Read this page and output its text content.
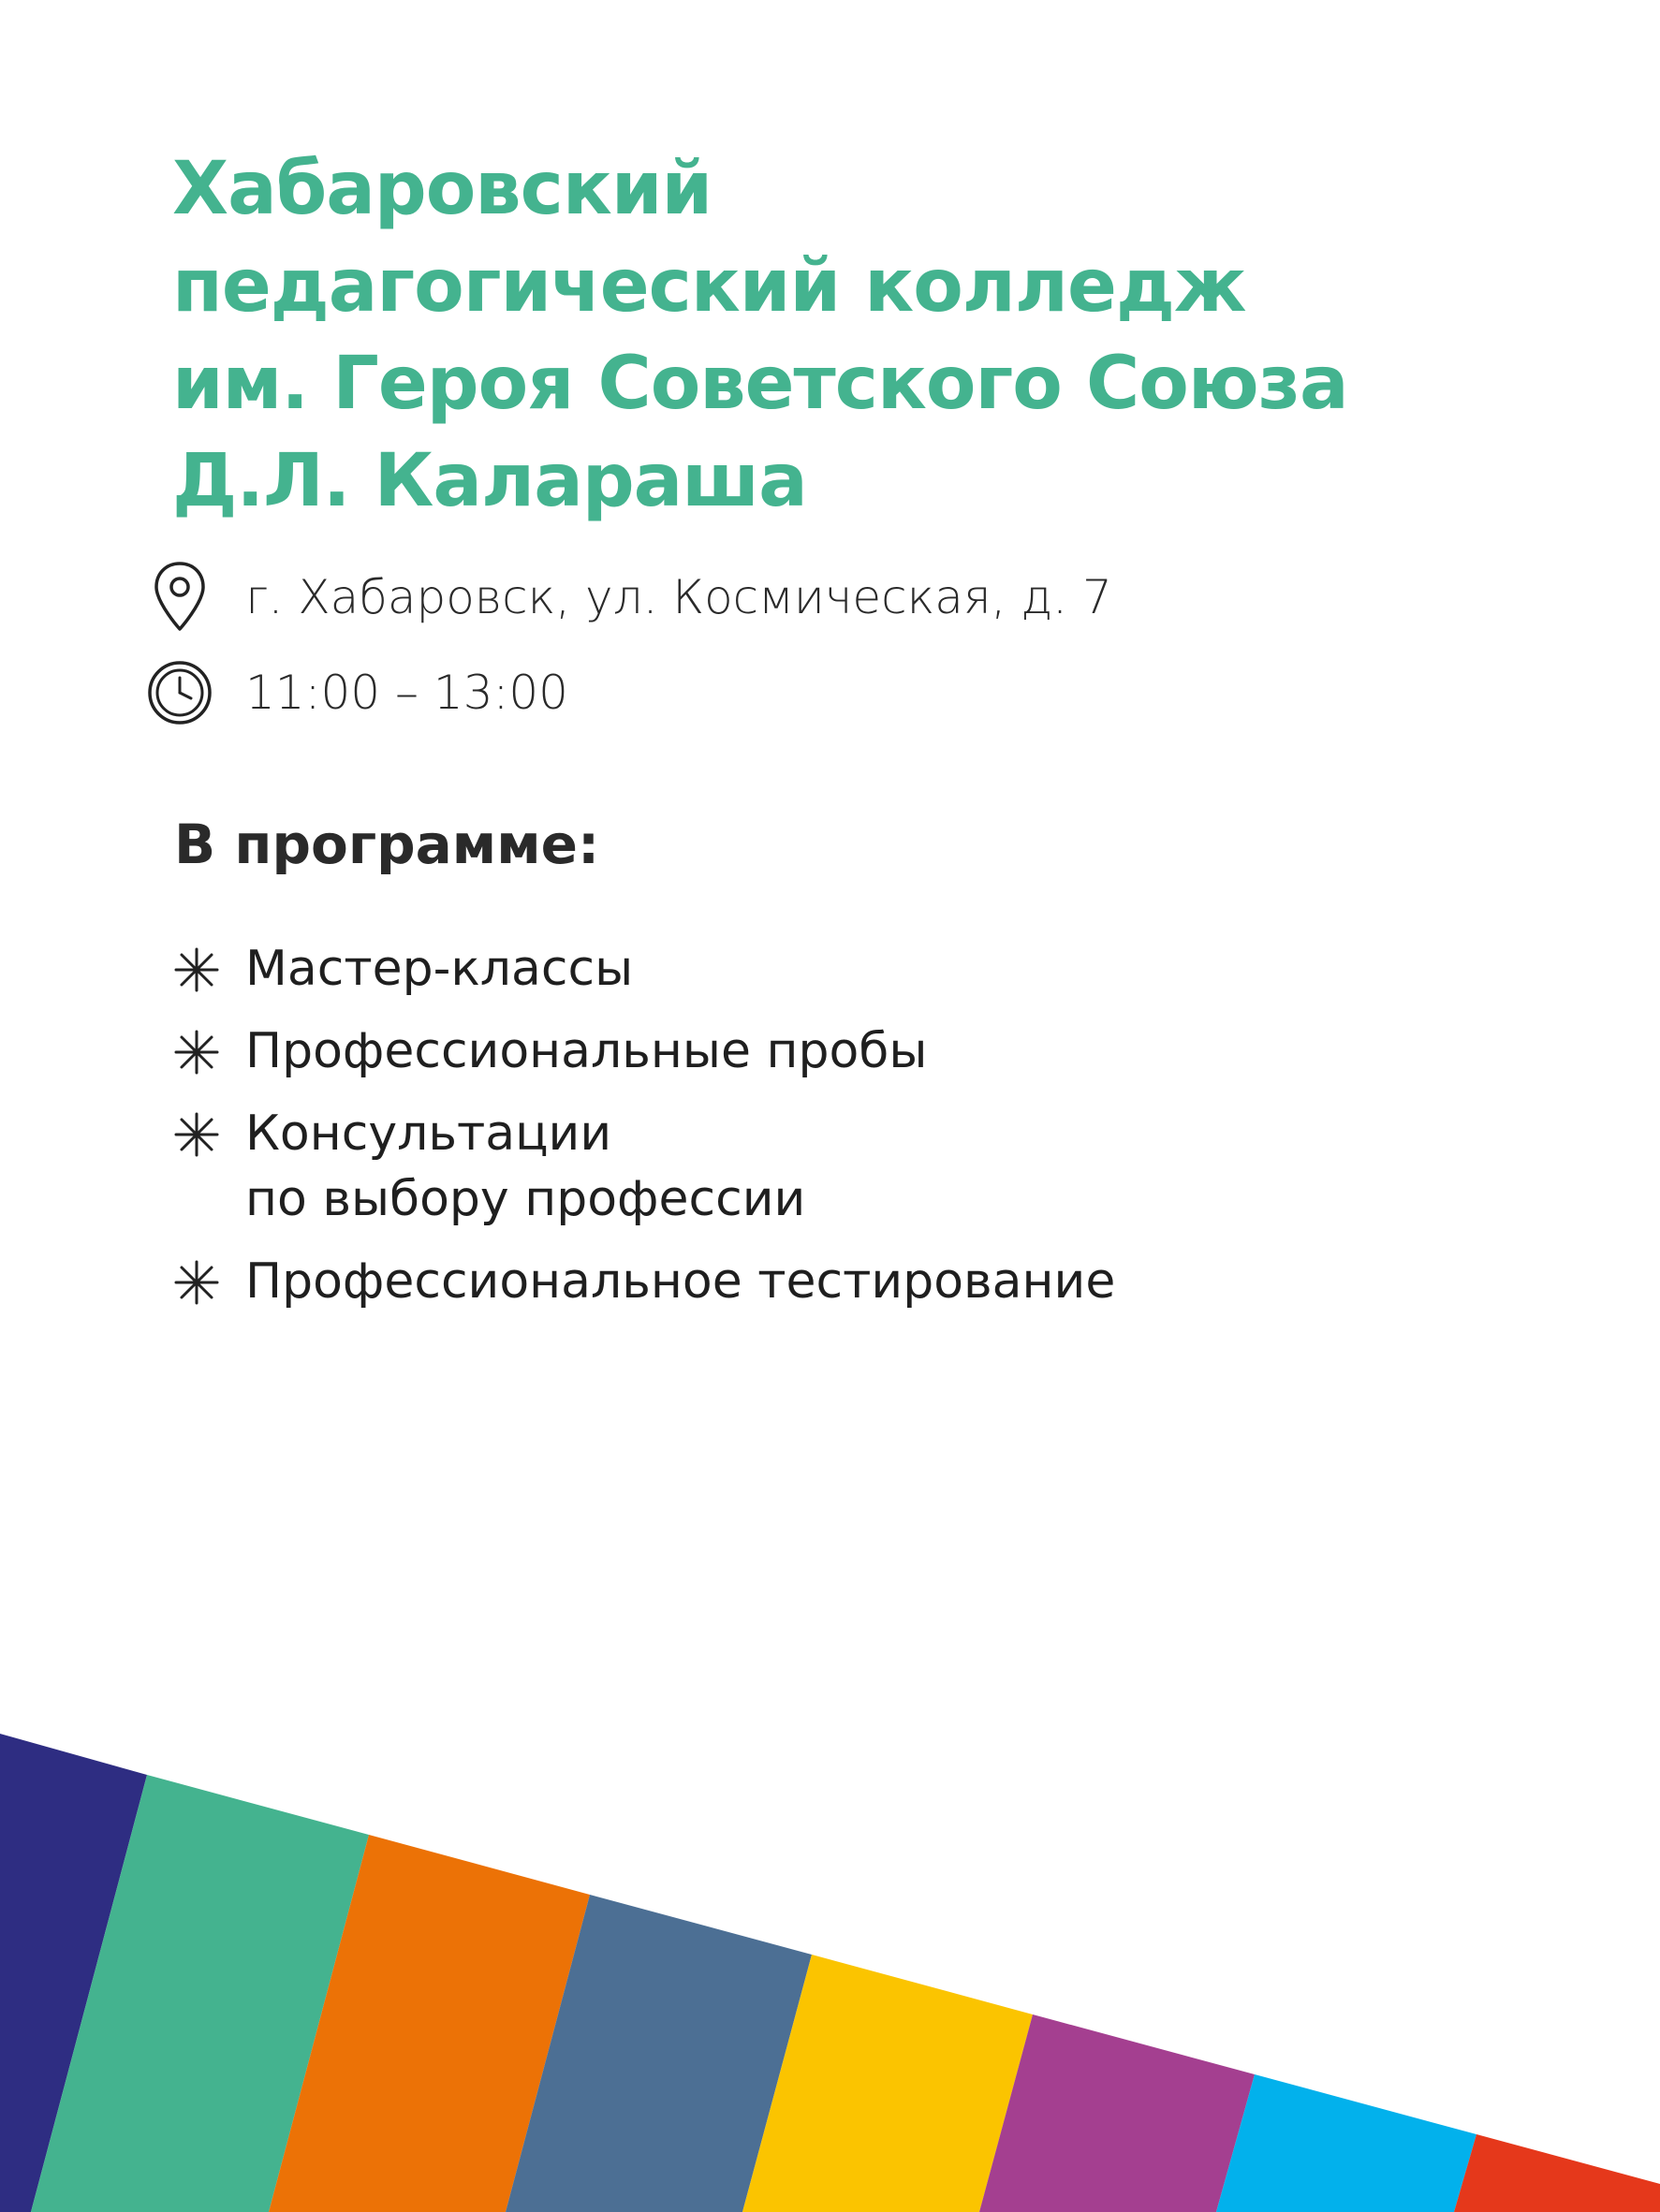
Хабаровский
педагогический колледж
им. Героя Советского Союза
Д.Л. Калараша
г. Хабаровск, ул. Космическая, д. 7
11:00 – 13:00
В программе:
Мастер-классы
Профессиональные пробы
Консультации
по выбору профессии
Профессиональное тестирование
